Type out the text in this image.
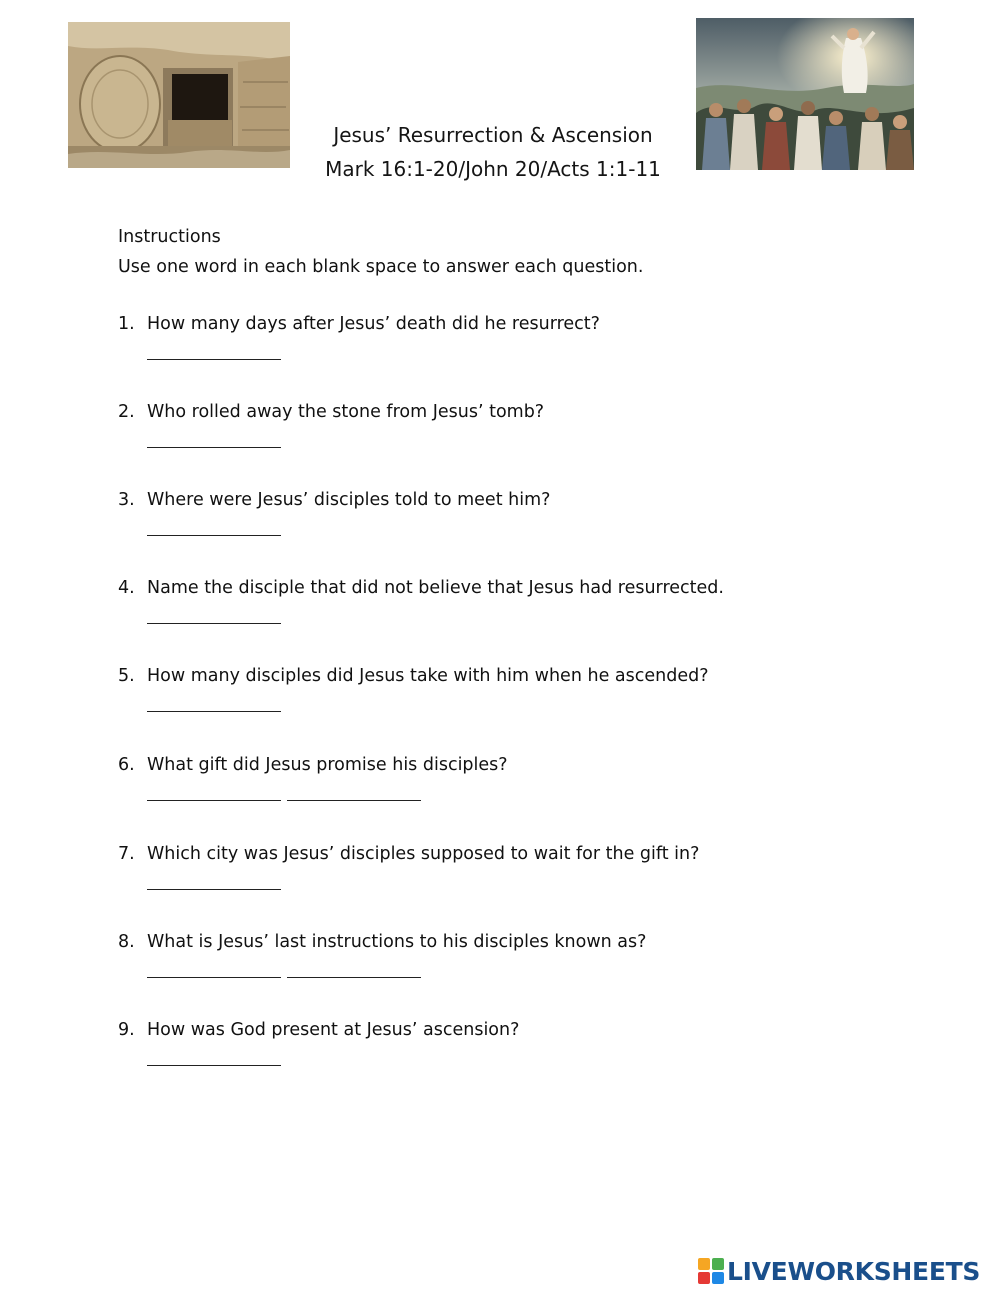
Jesus’ Resurrection & Ascension
Mark 16:1-20/John 20/Acts 1:1-11
Instructions
Use one word in each blank space to answer each question.
1. How many days after Jesus’ death did he resurrect?
2. Who rolled away the stone from Jesus’ tomb?
3. Where were Jesus’ disciples told to meet him?
4. Name the disciple that did not believe that Jesus had resurrected.
5. How many disciples did Jesus take with him when he ascended?
6. What gift did Jesus promise his disciples?
7. Which city was Jesus’ disciples supposed to wait for the gift in?
8. What is Jesus’ last instructions to his disciples known as?
9. How was God present at Jesus’ ascension?
LIVEWORKSHEETS
